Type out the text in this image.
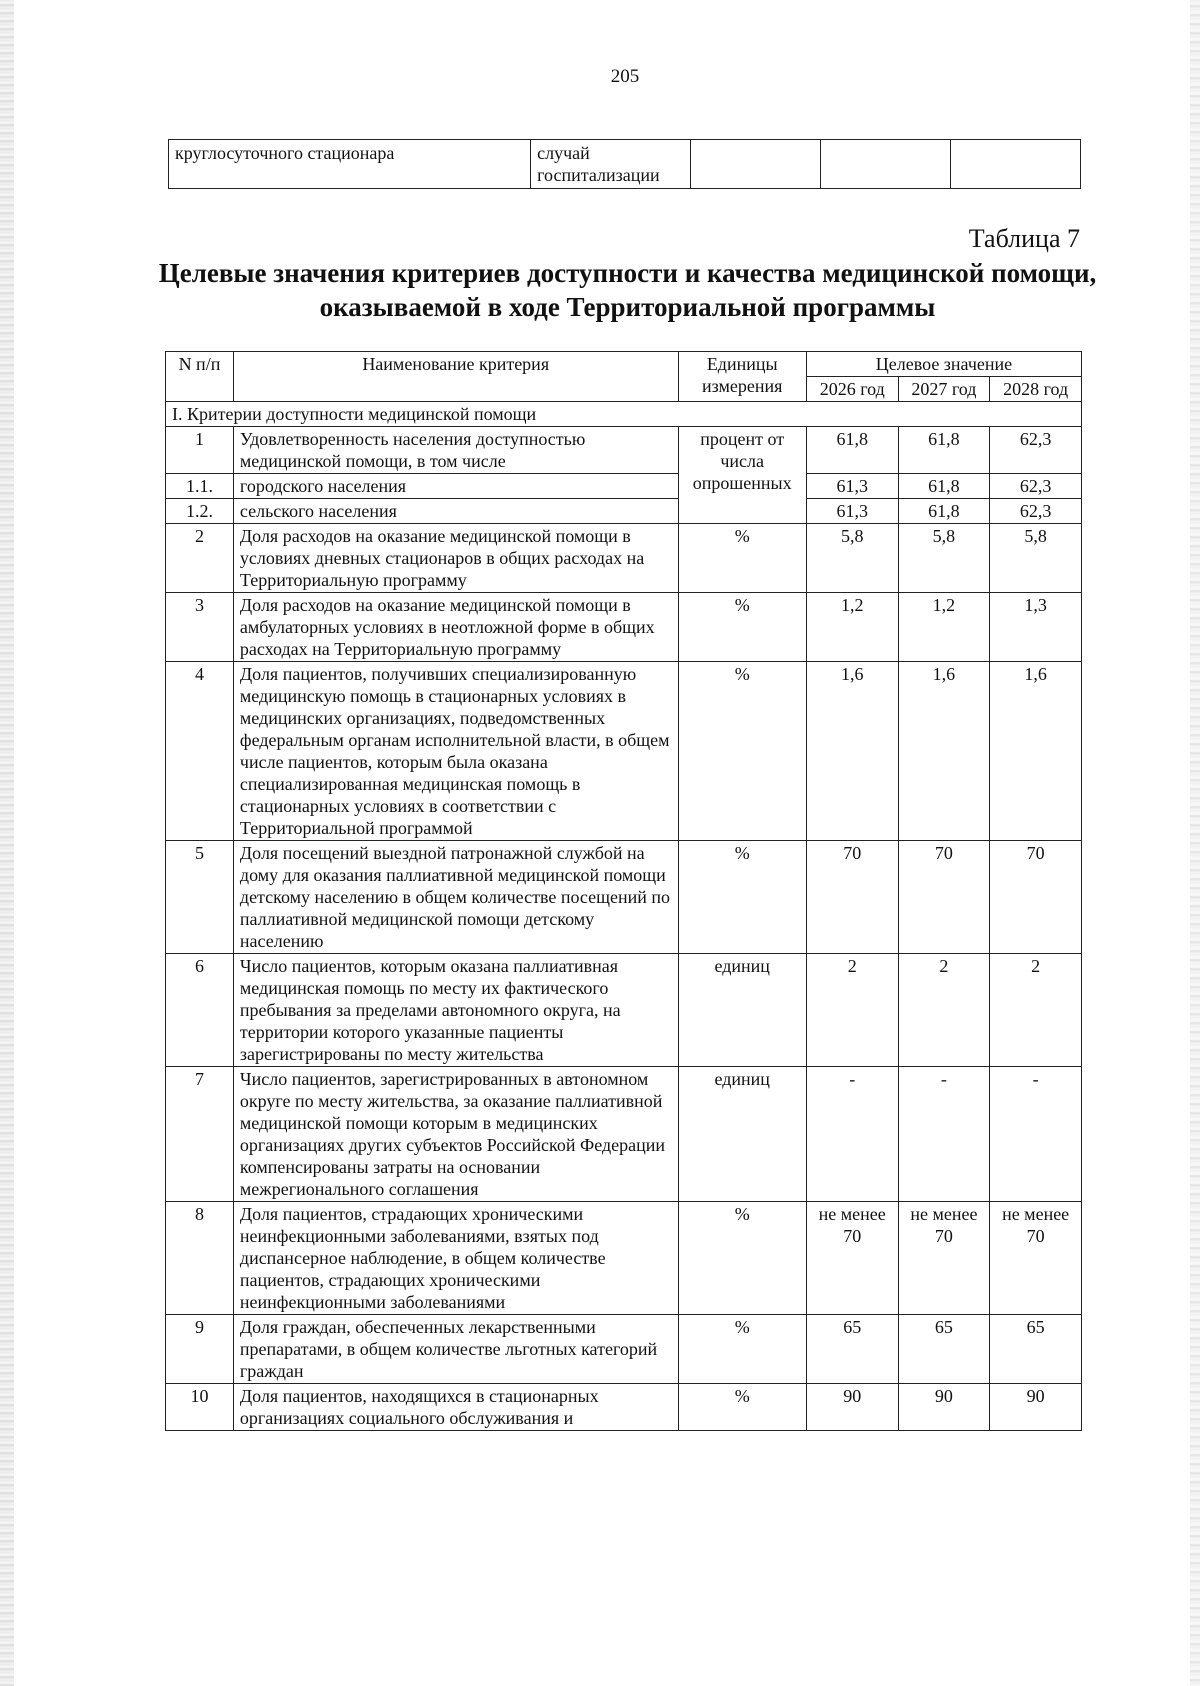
205
круглосуточного стационара	случай госпитализации			
Таблица 7
Целевые значения критериев доступности и качества медицинской помощи, оказываемой в ходе Территориальной программы
N п/п	Наименование критерия	Единицы измерения	Целевое значение		
			2026 год	2027 год	2028 год
I. Критерии доступности медицинской помощи					
1	Удовлетворенность населения доступностью медицинской помощи, в том числе	процент от числа опрошенных	61,8	61,8	62,3
1.1.	городского населения		61,3	61,8	62,3
1.2.	сельского населения		61,3	61,8	62,3
2	Доля расходов на оказание медицинской помощи в условиях дневных стационаров в общих расходах на Территориальную программу	%	5,8	5,8	5,8
3	Доля расходов на оказание медицинской помощи в амбулаторных условиях в неотложной форме в общих расходах на Территориальную программу	%	1,2	1,2	1,3
4	Доля пациентов, получивших специализированную медицинскую помощь в стационарных условиях в медицинских организациях, подведомственных федеральным органам исполнительной власти, в общем числе пациентов, которым была оказана специализированная медицинская помощь в стационарных условиях в соответствии с Территориальной программой	%	1,6	1,6	1,6
5	Доля посещений выездной патронажной службой на дому для оказания паллиативной медицинской помощи детскому населению в общем количестве посещений по паллиативной медицинской помощи детскому населению	%	70	70	70
6	Число пациентов, которым оказана паллиативная медицинская помощь по месту их фактического пребывания за пределами автономного округа, на территории которого указанные пациенты зарегистрированы по месту жительства	единиц	2	2	2
7	Число пациентов, зарегистрированных в автономном округе по месту жительства, за оказание паллиативной медицинской помощи которым в медицинских организациях других субъектов Российской Федерации компенсированы затраты на основании межрегионального соглашения	единиц	-	-	-
8	Доля пациентов, страдающих хроническими неинфекционными заболеваниями, взятых под диспансерное наблюдение, в общем количестве пациентов, страдающих хроническими неинфекционными заболеваниями	%	не менее 70	не менее 70	не менее 70
9	Доля граждан, обеспеченных лекарственными препаратами, в общем количестве льготных категорий граждан	%	65	65	65
10	Доля пациентов, находящихся в стационарных организациях социального обслуживания и	%	90	90	90
